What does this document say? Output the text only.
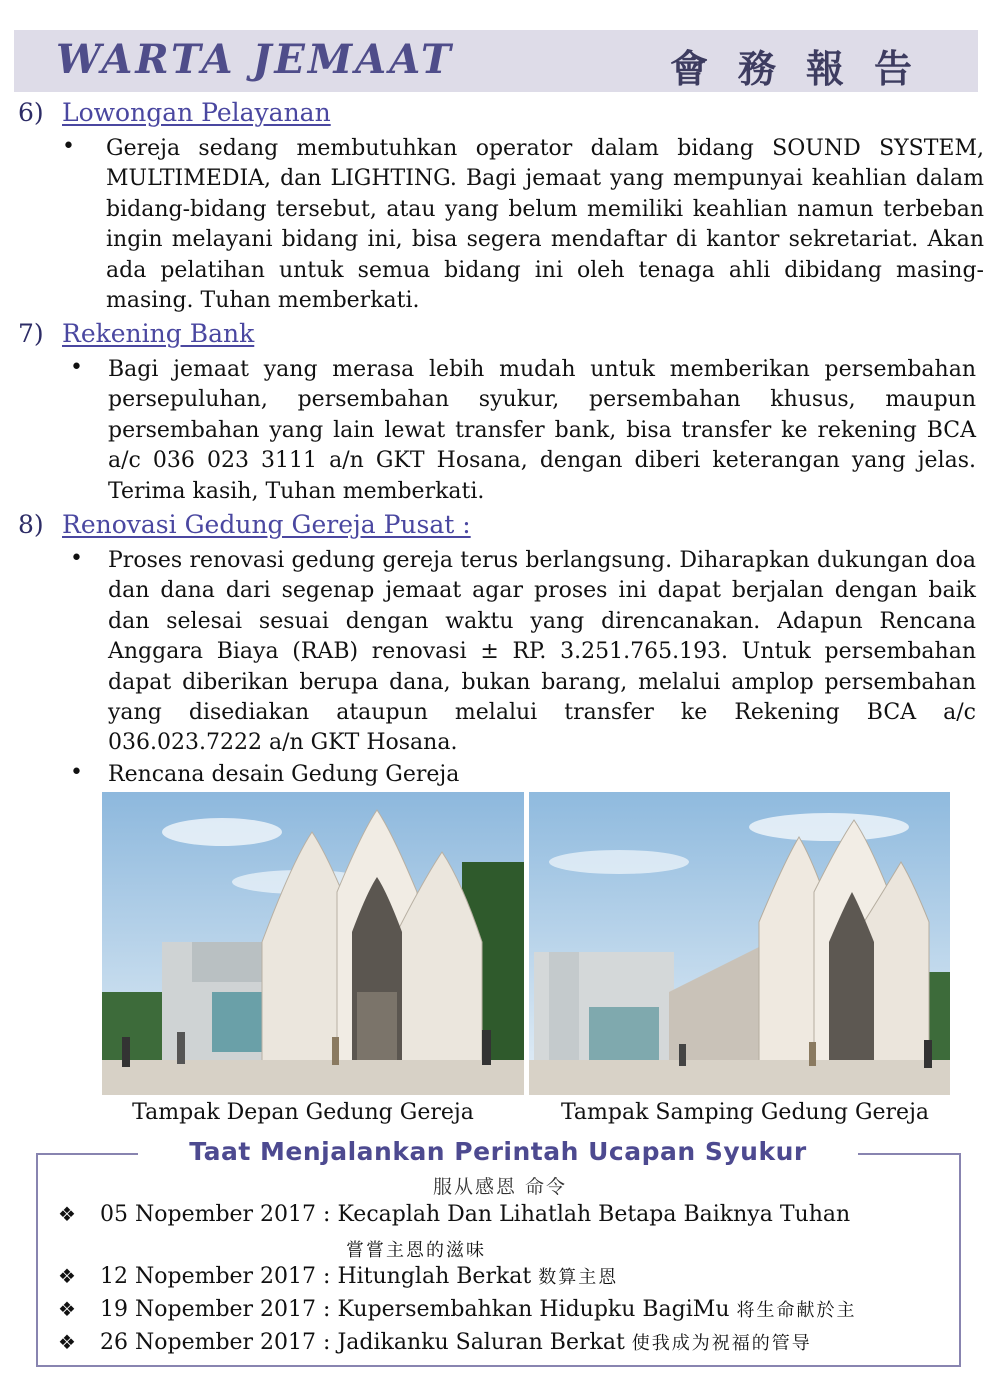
WARTA JEMAAT	會務報告
6) Lowongan Pelayanan
• Gereja sedang membutuhkan operator dalam bidang SOUND SYSTEM, MULTIMEDIA, dan LIGHTING. Bagi jemaat yang mempunyai keahlian dalam bidang-bidang tersebut, atau yang belum memiliki keahlian namun terbeban ingin melayani bidang ini, bisa segera mendaftar di kantor sekretariat. Akan ada pelatihan untuk semua bidang ini oleh tenaga ahli dibidang masing-masing. Tuhan memberkati.
7) Rekening Bank
• Bagi jemaat yang merasa lebih mudah untuk memberikan persembahan persepuluhan, persembahan syukur, persembahan khusus, maupun persembahan yang lain lewat transfer bank, bisa transfer ke rekening BCA a/c 036 023 3111 a/n GKT Hosana, dengan diberi keterangan yang jelas. Terima kasih, Tuhan memberkati.
8) Renovasi Gedung Gereja Pusat :
• Proses renovasi gedung gereja terus berlangsung. Diharapkan dukungan doa dan dana dari segenap jemaat agar proses ini dapat berjalan dengan baik dan selesai sesuai dengan waktu yang direncanakan. Adapun Rencana Anggara Biaya (RAB) renovasi ± RP. 3.251.765.193. Untuk persembahan dapat diberikan berupa dana, bukan barang, melalui amplop persembahan yang disediakan ataupun melalui transfer ke Rekening BCA a/c 036.023.7222 a/n GKT Hosana.
• Rencana desain Gedung Gereja
Tampak Depan Gedung Gereja	Tampak Samping Gedung Gereja
Taat Menjalankan Perintah Ucapan Syukur
服从感恩 命令
❖ 05 Nopember 2017 : Kecaplah Dan Lihatlah Betapa Baiknya Tuhan
嘗嘗主恩的滋味
❖ 12 Nopember 2017 : Hitunglah Berkat 数算主恩
❖ 19 Nopember 2017 : Kupersembahkan Hidupku BagiMu 将生命献於主
❖ 26 Nopember 2017 : Jadikanku Saluran Berkat 使我成为祝福的管导
